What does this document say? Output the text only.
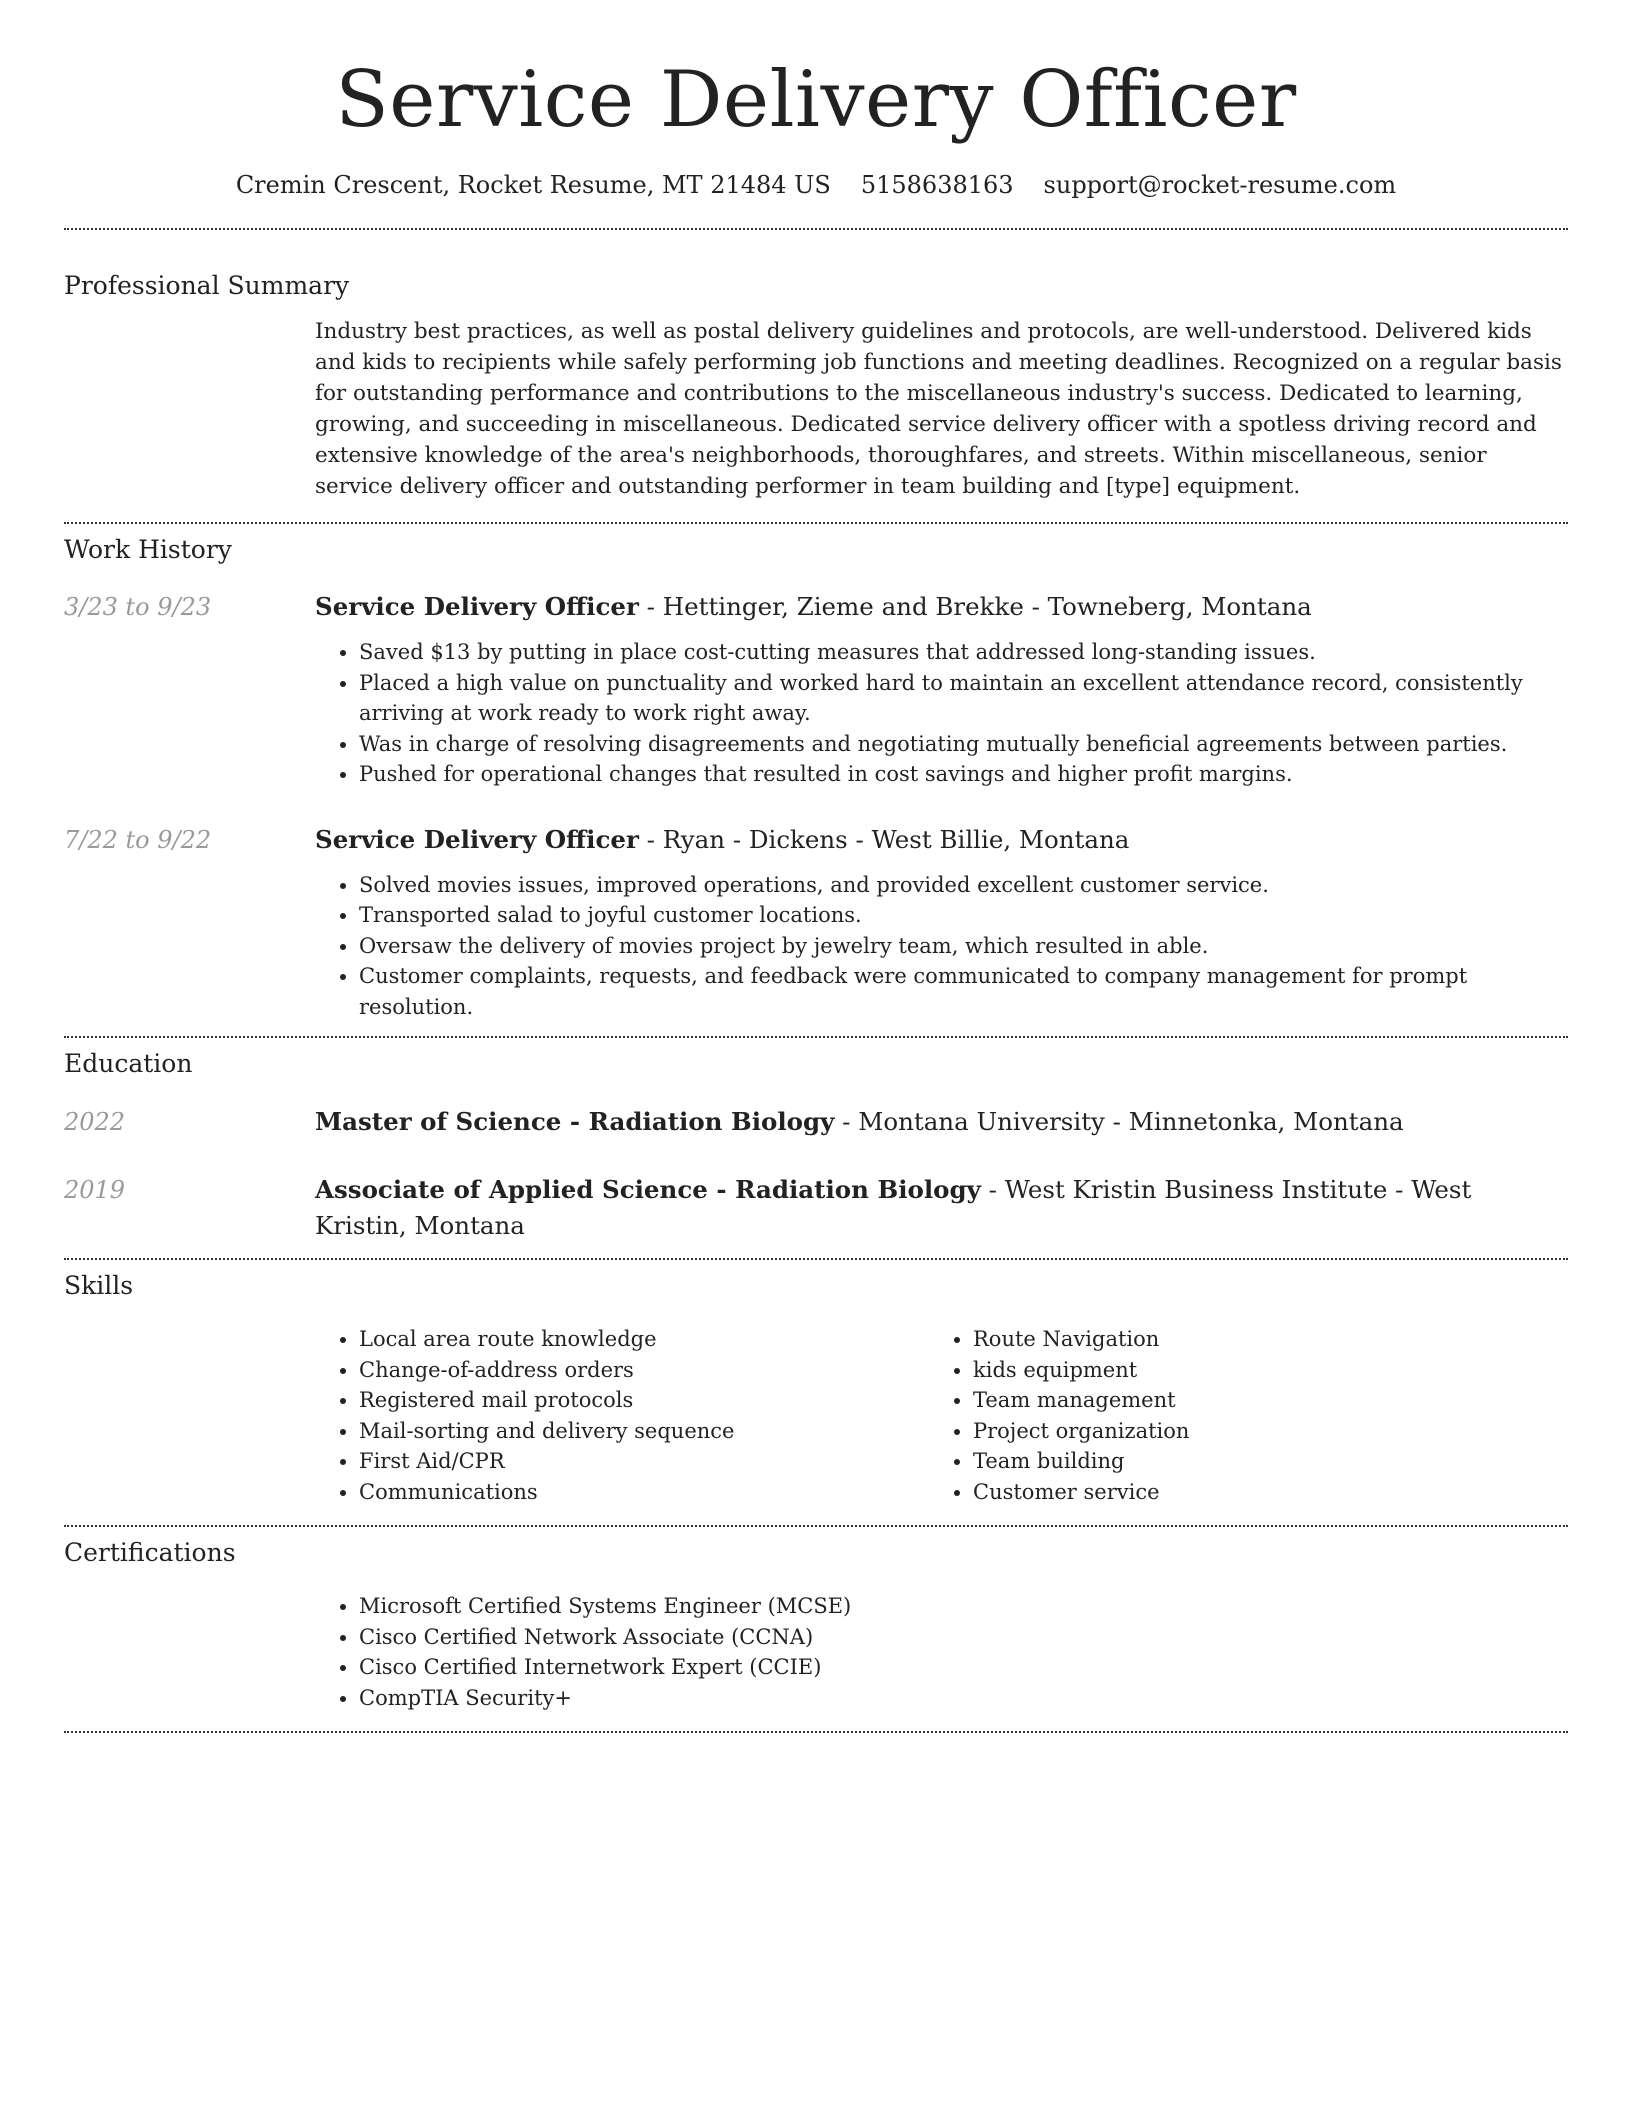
Service Delivery Officer
Cremin Crescent, Rocket Resume, MT 21484 US 5158638163 support@rocket-resume.com
Professional Summary
Industry best practices, as well as postal delivery guidelines and protocols, are well-understood. Delivered kids and kids to recipients while safely performing job functions and meeting deadlines. Recognized on a regular basis for outstanding performance and contributions to the miscellaneous industry's success. Dedicated to learning, growing, and succeeding in miscellaneous. Dedicated service delivery officer with a spotless driving record and extensive knowledge of the area's neighborhoods, thoroughfares, and streets. Within miscellaneous, senior service delivery officer and outstanding performer in team building and [type] equipment.
Work History
3/23 to 9/23	Service Delivery Officer - Hettinger, Zieme and Brekke - Towneberg, Montana
• Saved $13 by putting in place cost-cutting measures that addressed long-standing issues.
• Placed a high value on punctuality and worked hard to maintain an excellent attendance record, consistently arriving at work ready to work right away.
• Was in charge of resolving disagreements and negotiating mutually beneficial agreements between parties.
• Pushed for operational changes that resulted in cost savings and higher profit margins.
7/22 to 9/22	Service Delivery Officer - Ryan - Dickens - West Billie, Montana
• Solved movies issues, improved operations, and provided excellent customer service.
• Transported salad to joyful customer locations.
• Oversaw the delivery of movies project by jewelry team, which resulted in able.
• Customer complaints, requests, and feedback were communicated to company management for prompt resolution.
Education
2022	Master of Science - Radiation Biology - Montana University - Minnetonka, Montana
2019	Associate of Applied Science - Radiation Biology - West Kristin Business Institute - West Kristin, Montana
Skills
• Local area route knowledge
• Change-of-address orders
• Registered mail protocols
• Mail-sorting and delivery sequence
• First Aid/CPR
• Communications
• Route Navigation
• kids equipment
• Team management
• Project organization
• Team building
• Customer service
Certifications
• Microsoft Certified Systems Engineer (MCSE)
• Cisco Certified Network Associate (CCNA)
• Cisco Certified Internetwork Expert (CCIE)
• CompTIA Security+
